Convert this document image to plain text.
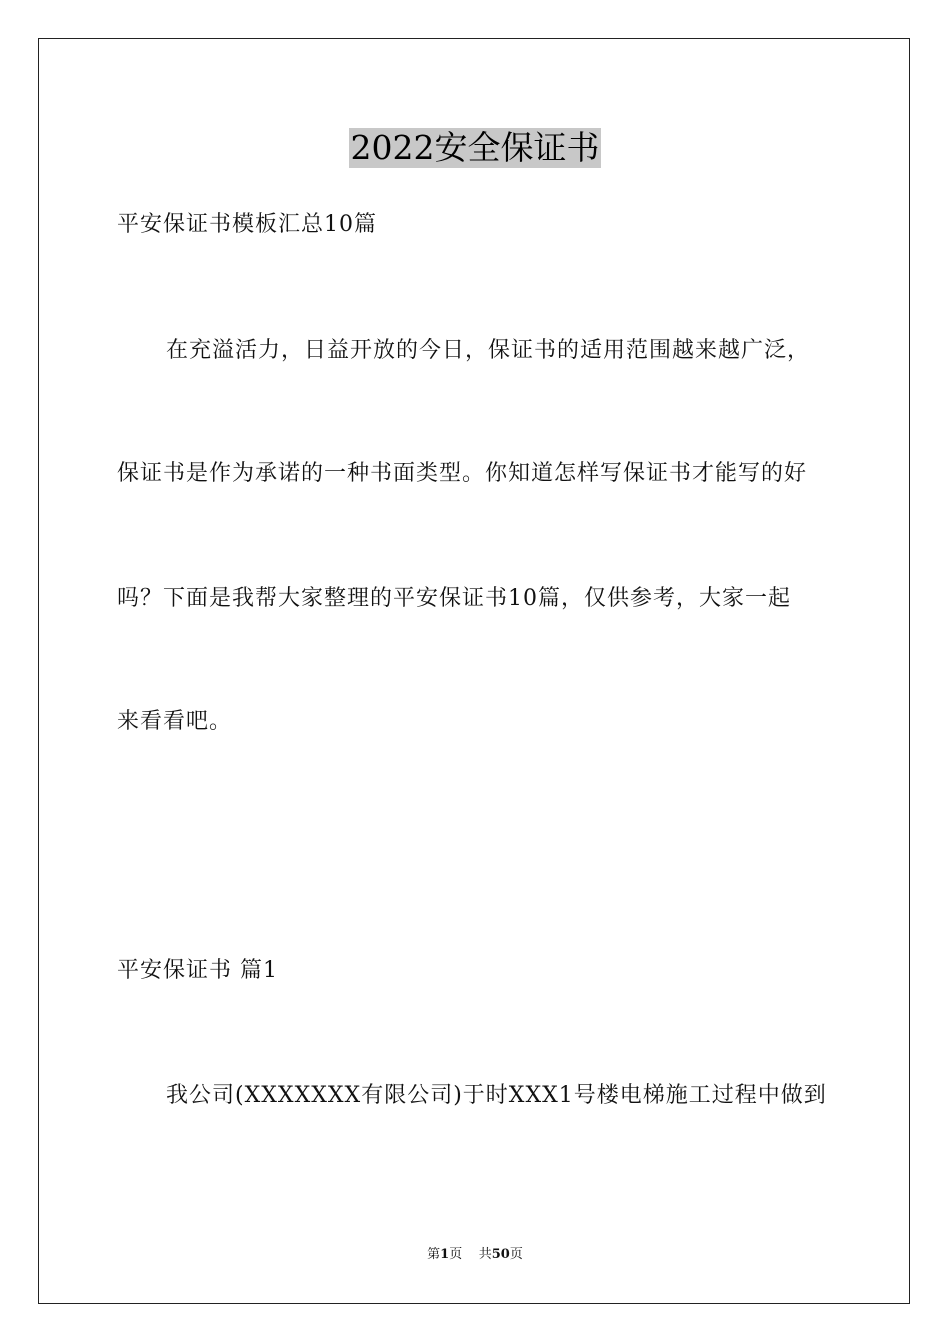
2022安全保证书
平安保证书模板汇总10篇
在充溢活力，日益开放的今日，保证书的适用范围越来越广泛，
保证书是作为承诺的一种书面类型。你知道怎样写保证书才能写的好
吗？下面是我帮大家整理的平安保证书10篇，仅供参考，大家一起
来看看吧。
平安保证书 篇1
我公司(XXXXXXX有限公司)于时XXX1号楼电梯施工过程中做到
第1页    共50页
